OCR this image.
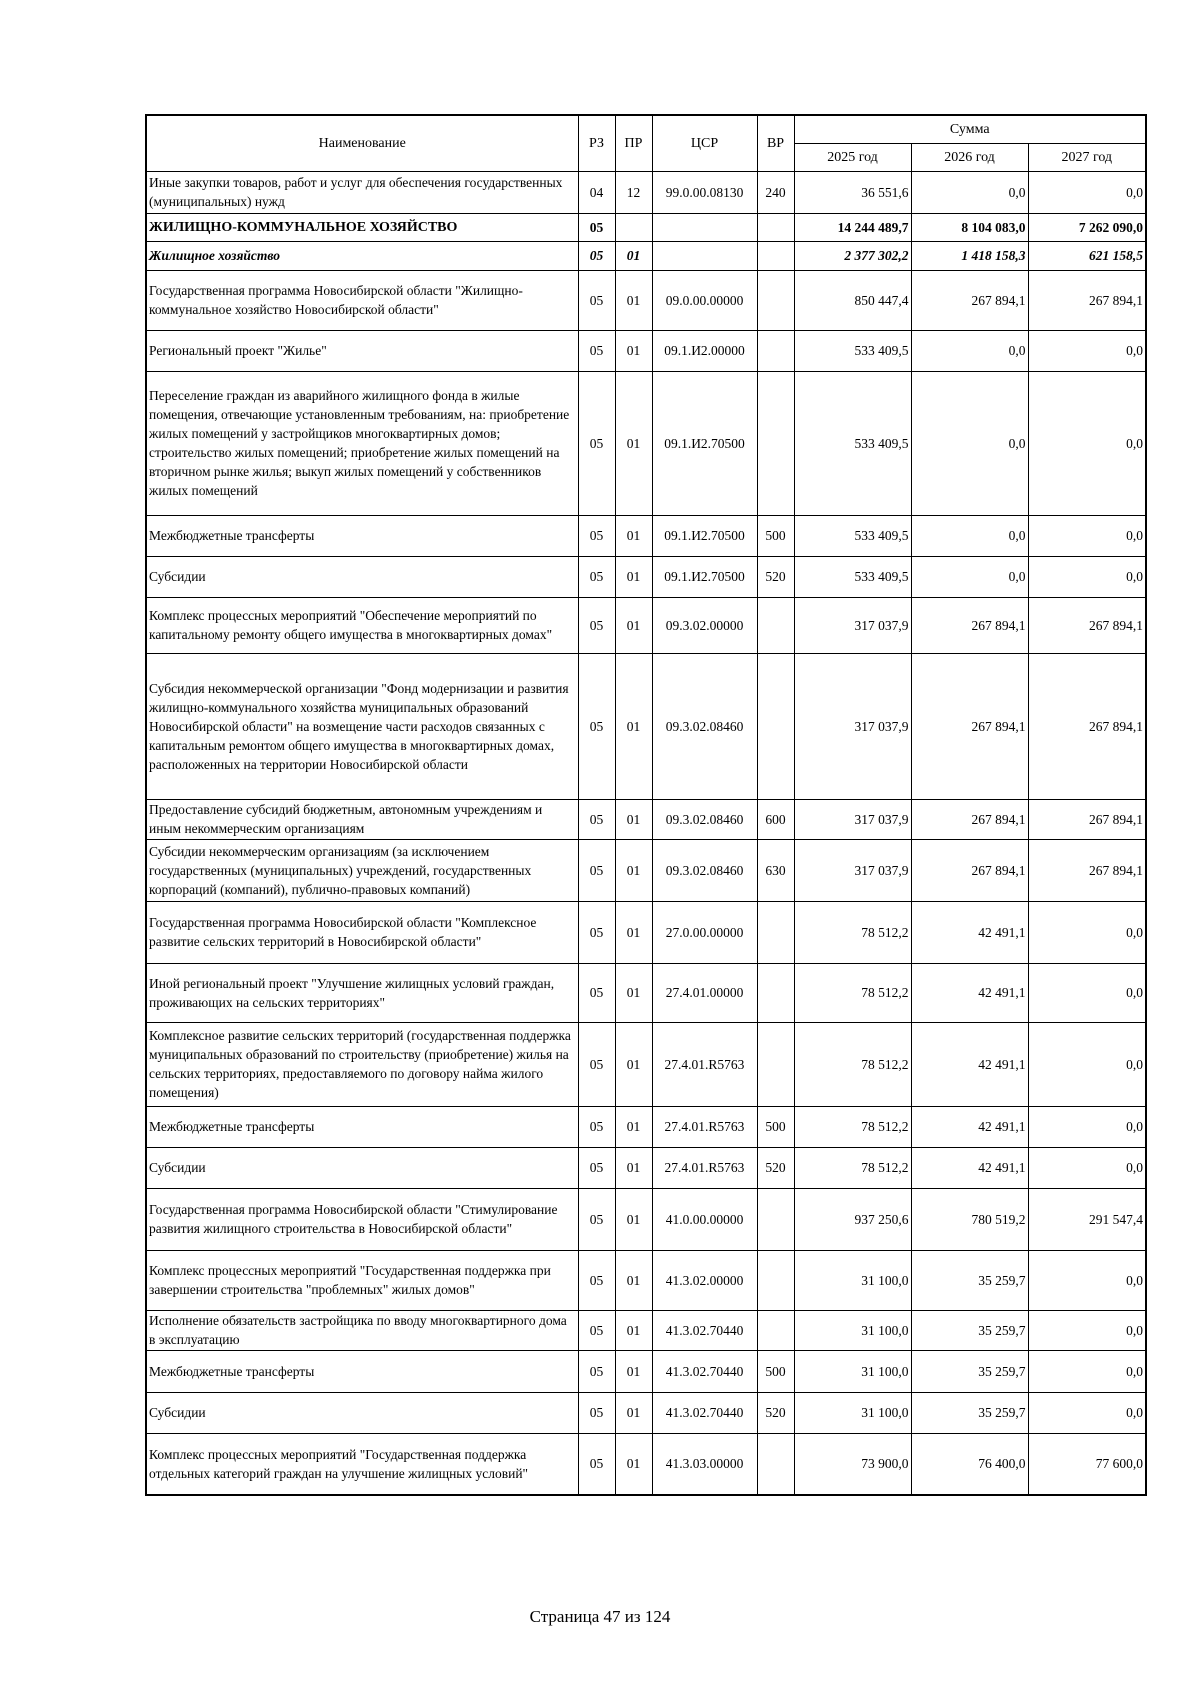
Наименование	РЗ	ПР	ЦСР	ВР	Сумма		
					2025 год	2026 год	2027 год
Иные закупки товаров, работ и услуг для обеспечения государственных (муниципальных) нужд	04	12	99.0.00.08130	240	36 551,6	0,0	0,0
ЖИЛИЩНО-КОММУНАЛЬНОЕ ХОЗЯЙСТВО	05				14 244 489,7	8 104 083,0	7 262 090,0
Жилищное хозяйство	05	01			2 377 302,2	1 418 158,3	621 158,5
Государственная программа Новосибирской области "Жилищно-коммунальное хозяйство Новосибирской области"	05	01	09.0.00.00000		850 447,4	267 894,1	267 894,1
Региональный проект "Жилье"	05	01	09.1.И2.00000		533 409,5	0,0	0,0
Переселение граждан из аварийного жилищного фонда в жилые помещения, отвечающие установленным требованиям, на: приобретение жилых помещений у застройщиков многоквартирных домов; строительство жилых помещений; приобретение жилых помещений на вторичном рынке жилья; выкуп жилых помещений у собственников жилых помещений	05	01	09.1.И2.70500		533 409,5	0,0	0,0
Межбюджетные трансферты	05	01	09.1.И2.70500	500	533 409,5	0,0	0,0
Субсидии	05	01	09.1.И2.70500	520	533 409,5	0,0	0,0
Комплекс процессных мероприятий "Обеспечение мероприятий по капитальному ремонту общего имущества в многоквартирных домах"	05	01	09.3.02.00000		317 037,9	267 894,1	267 894,1
Субсидия некоммерческой организации "Фонд модернизации и развития жилищно-коммунального хозяйства муниципальных образований Новосибирской области" на возмещение части расходов связанных с капитальным ремонтом общего имущества в многоквартирных домах, расположенных на территории Новосибирской области	05	01	09.3.02.08460		317 037,9	267 894,1	267 894,1
Предоставление субсидий бюджетным, автономным учреждениям и иным некоммерческим организациям	05	01	09.3.02.08460	600	317 037,9	267 894,1	267 894,1
Субсидии некоммерческим организациям (за исключением государственных (муниципальных) учреждений, государственных корпораций (компаний), публично-правовых компаний)	05	01	09.3.02.08460	630	317 037,9	267 894,1	267 894,1
Государственная программа Новосибирской области "Комплексное развитие сельских территорий в Новосибирской области"	05	01	27.0.00.00000		78 512,2	42 491,1	0,0
Иной региональный проект "Улучшение жилищных условий граждан, проживающих на сельских территориях"	05	01	27.4.01.00000		78 512,2	42 491,1	0,0
Комплексное развитие сельских территорий (государственная поддержка муниципальных образований по строительству (приобретение) жилья на сельских территориях, предоставляемого по договору найма жилого помещения)	05	01	27.4.01.R5763		78 512,2	42 491,1	0,0
Межбюджетные трансферты	05	01	27.4.01.R5763	500	78 512,2	42 491,1	0,0
Субсидии	05	01	27.4.01.R5763	520	78 512,2	42 491,1	0,0
Государственная программа Новосибирской области "Стимулирование развития жилищного строительства в Новосибирской области"	05	01	41.0.00.00000		937 250,6	780 519,2	291 547,4
Комплекс процессных мероприятий "Государственная поддержка при завершении строительства "проблемных" жилых домов"	05	01	41.3.02.00000		31 100,0	35 259,7	0,0
Исполнение обязательств застройщика по вводу многоквартирного дома в эксплуатацию	05	01	41.3.02.70440		31 100,0	35 259,7	0,0
Межбюджетные трансферты	05	01	41.3.02.70440	500	31 100,0	35 259,7	0,0
Субсидии	05	01	41.3.02.70440	520	31 100,0	35 259,7	0,0
Комплекс процессных мероприятий "Государственная поддержка отдельных категорий граждан на улучшение жилищных условий"	05	01	41.3.03.00000		73 900,0	76 400,0	77 600,0
Страница 47 из 124
